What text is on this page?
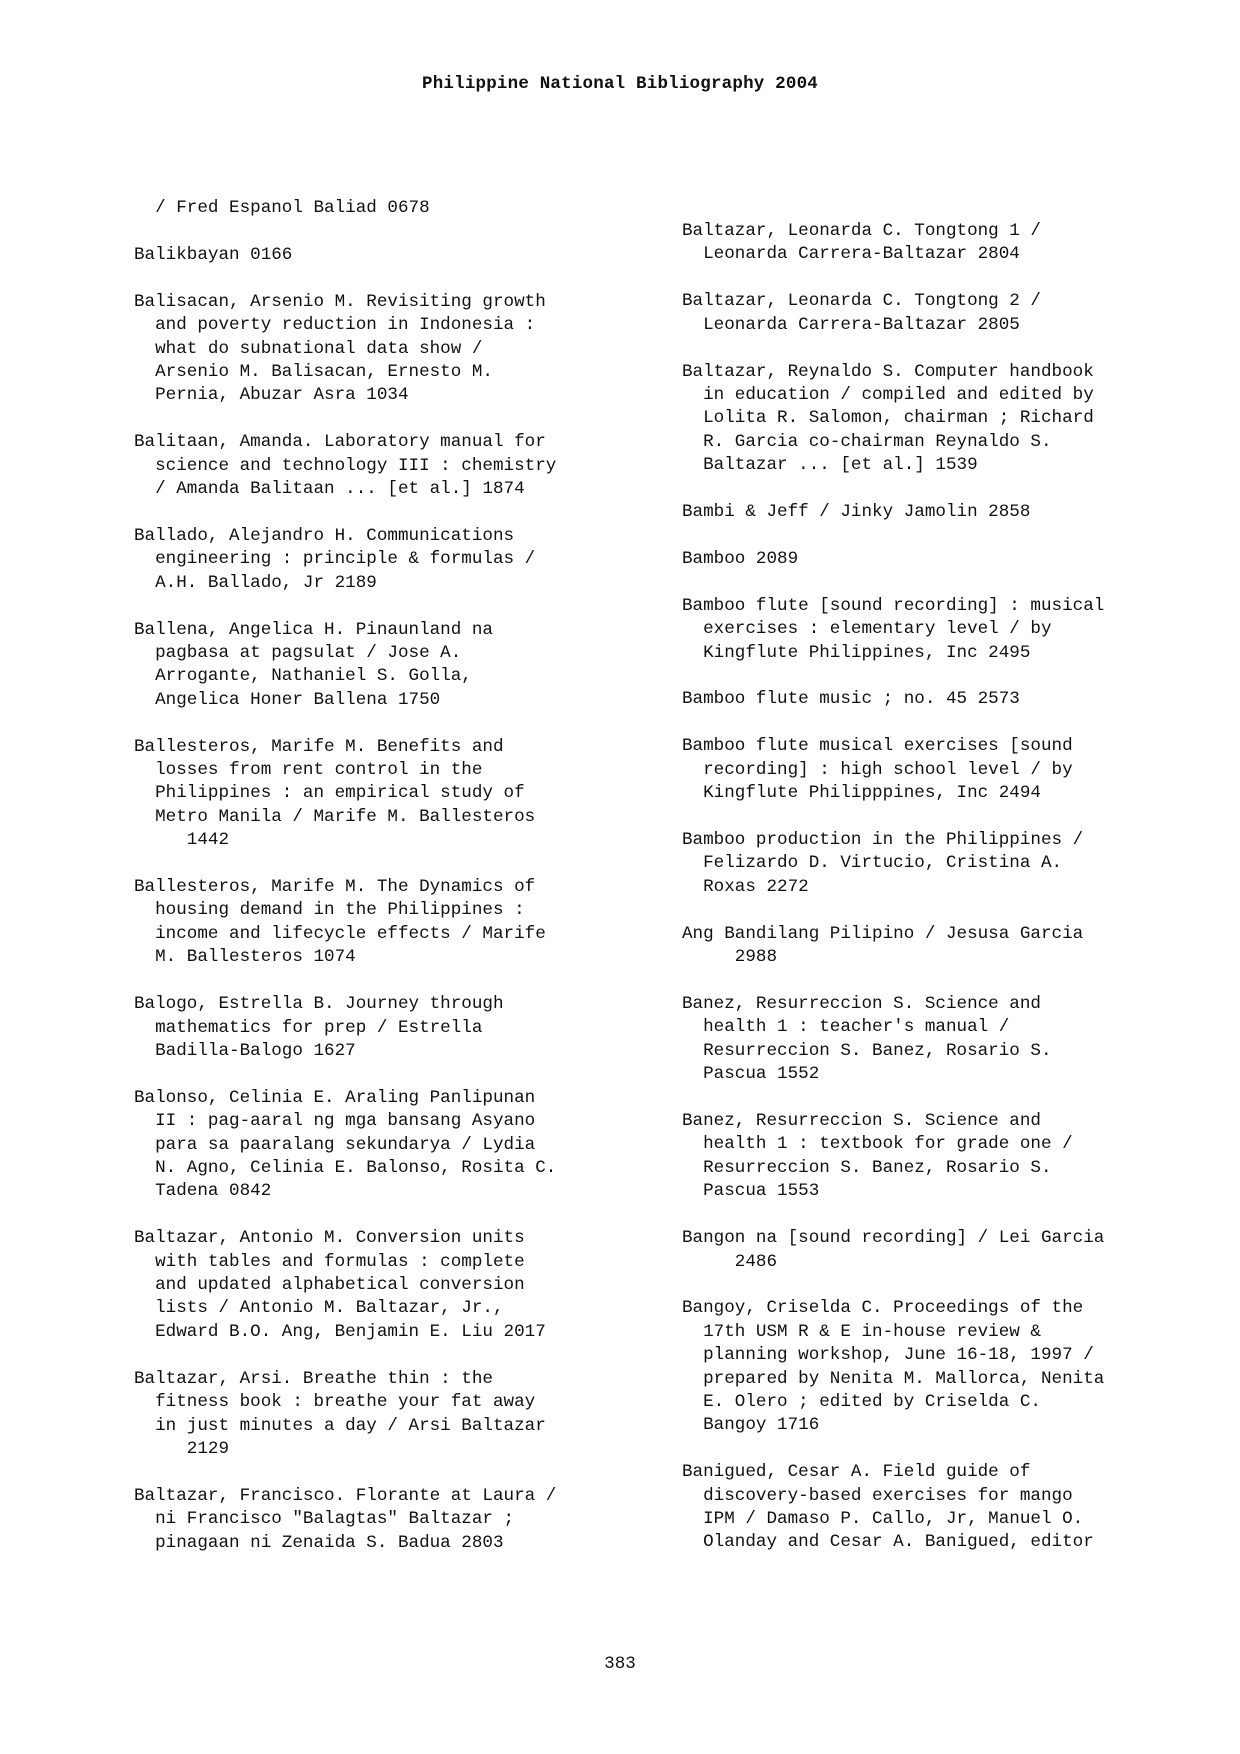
Philippine National Bibliography 2004
/ Fred Espanol Baliad 0678
Balikbayan 0166
Balisacan, Arsenio M. Revisiting growth
and poverty reduction in Indonesia :
what do subnational data show /
Arsenio M. Balisacan, Ernesto M.
Pernia, Abuzar Asra 1034
Balitaan, Amanda. Laboratory manual for
science and technology III : chemistry
/ Amanda Balitaan ... [et al.] 1874
Ballado, Alejandro H. Communications
engineering : principle & formulas /
A.H. Ballado, Jr 2189
Ballena, Angelica H. Pinaunland na
pagbasa at pagsulat / Jose A.
Arrogante, Nathaniel S. Golla,
Angelica Honer Ballena 1750
Ballesteros, Marife M. Benefits and
losses from rent control in the
Philippines : an empirical study of
Metro Manila / Marife M. Ballesteros
1442
Ballesteros, Marife M. The Dynamics of
housing demand in the Philippines :
income and lifecycle effects / Marife
M. Ballesteros 1074
Balogo, Estrella B. Journey through
mathematics for prep / Estrella
Badilla-Balogo 1627
Balonso, Celinia E. Araling Panlipunan
II : pag-aaral ng mga bansang Asyano
para sa paaralang sekundarya / Lydia
N. Agno, Celinia E. Balonso, Rosita C.
Tadena 0842
Baltazar, Antonio M. Conversion units
with tables and formulas : complete
and updated alphabetical conversion
lists / Antonio M. Baltazar, Jr.,
Edward B.O. Ang, Benjamin E. Liu 2017
Baltazar, Arsi. Breathe thin : the
fitness book : breathe your fat away
in just minutes a day / Arsi Baltazar
2129
Baltazar, Francisco. Florante at Laura /
ni Francisco "Balagtas" Baltazar ;
pinagaan ni Zenaida S. Badua 2803
Baltazar, Leonarda C. Tongtong 1 /
Leonarda Carrera-Baltazar 2804
Baltazar, Leonarda C. Tongtong 2 /
Leonarda Carrera-Baltazar 2805
Baltazar, Reynaldo S. Computer handbook
in education / compiled and edited by
Lolita R. Salomon, chairman ; Richard
R. Garcia co-chairman Reynaldo S.
Baltazar ... [et al.] 1539
Bambi & Jeff / Jinky Jamolin 2858
Bamboo 2089
Bamboo flute [sound recording] : musical
exercises : elementary level / by
Kingflute Philippines, Inc 2495
Bamboo flute music ; no. 45 2573
Bamboo flute musical exercises [sound
recording] : high school level / by
Kingflute Philipppines, Inc 2494
Bamboo production in the Philippines /
Felizardo D. Virtucio, Cristina A.
Roxas 2272
Ang Bandilang Pilipino / Jesusa Garcia
2988
Banez, Resurreccion S. Science and
health 1 : teacher's manual /
Resurreccion S. Banez, Rosario S.
Pascua 1552
Banez, Resurreccion S. Science and
health 1 : textbook for grade one /
Resurreccion S. Banez, Rosario S.
Pascua 1553
Bangon na [sound recording] / Lei Garcia
2486
Bangoy, Criselda C. Proceedings of the
17th USM R & E in-house review &
planning workshop, June 16-18, 1997 /
prepared by Nenita M. Mallorca, Nenita
E. Olero ; edited by Criselda C.
Bangoy 1716
Banigued, Cesar A. Field guide of
discovery-based exercises for mango
IPM / Damaso P. Callo, Jr, Manuel O.
Olanday and Cesar A. Banigued, editor
383
